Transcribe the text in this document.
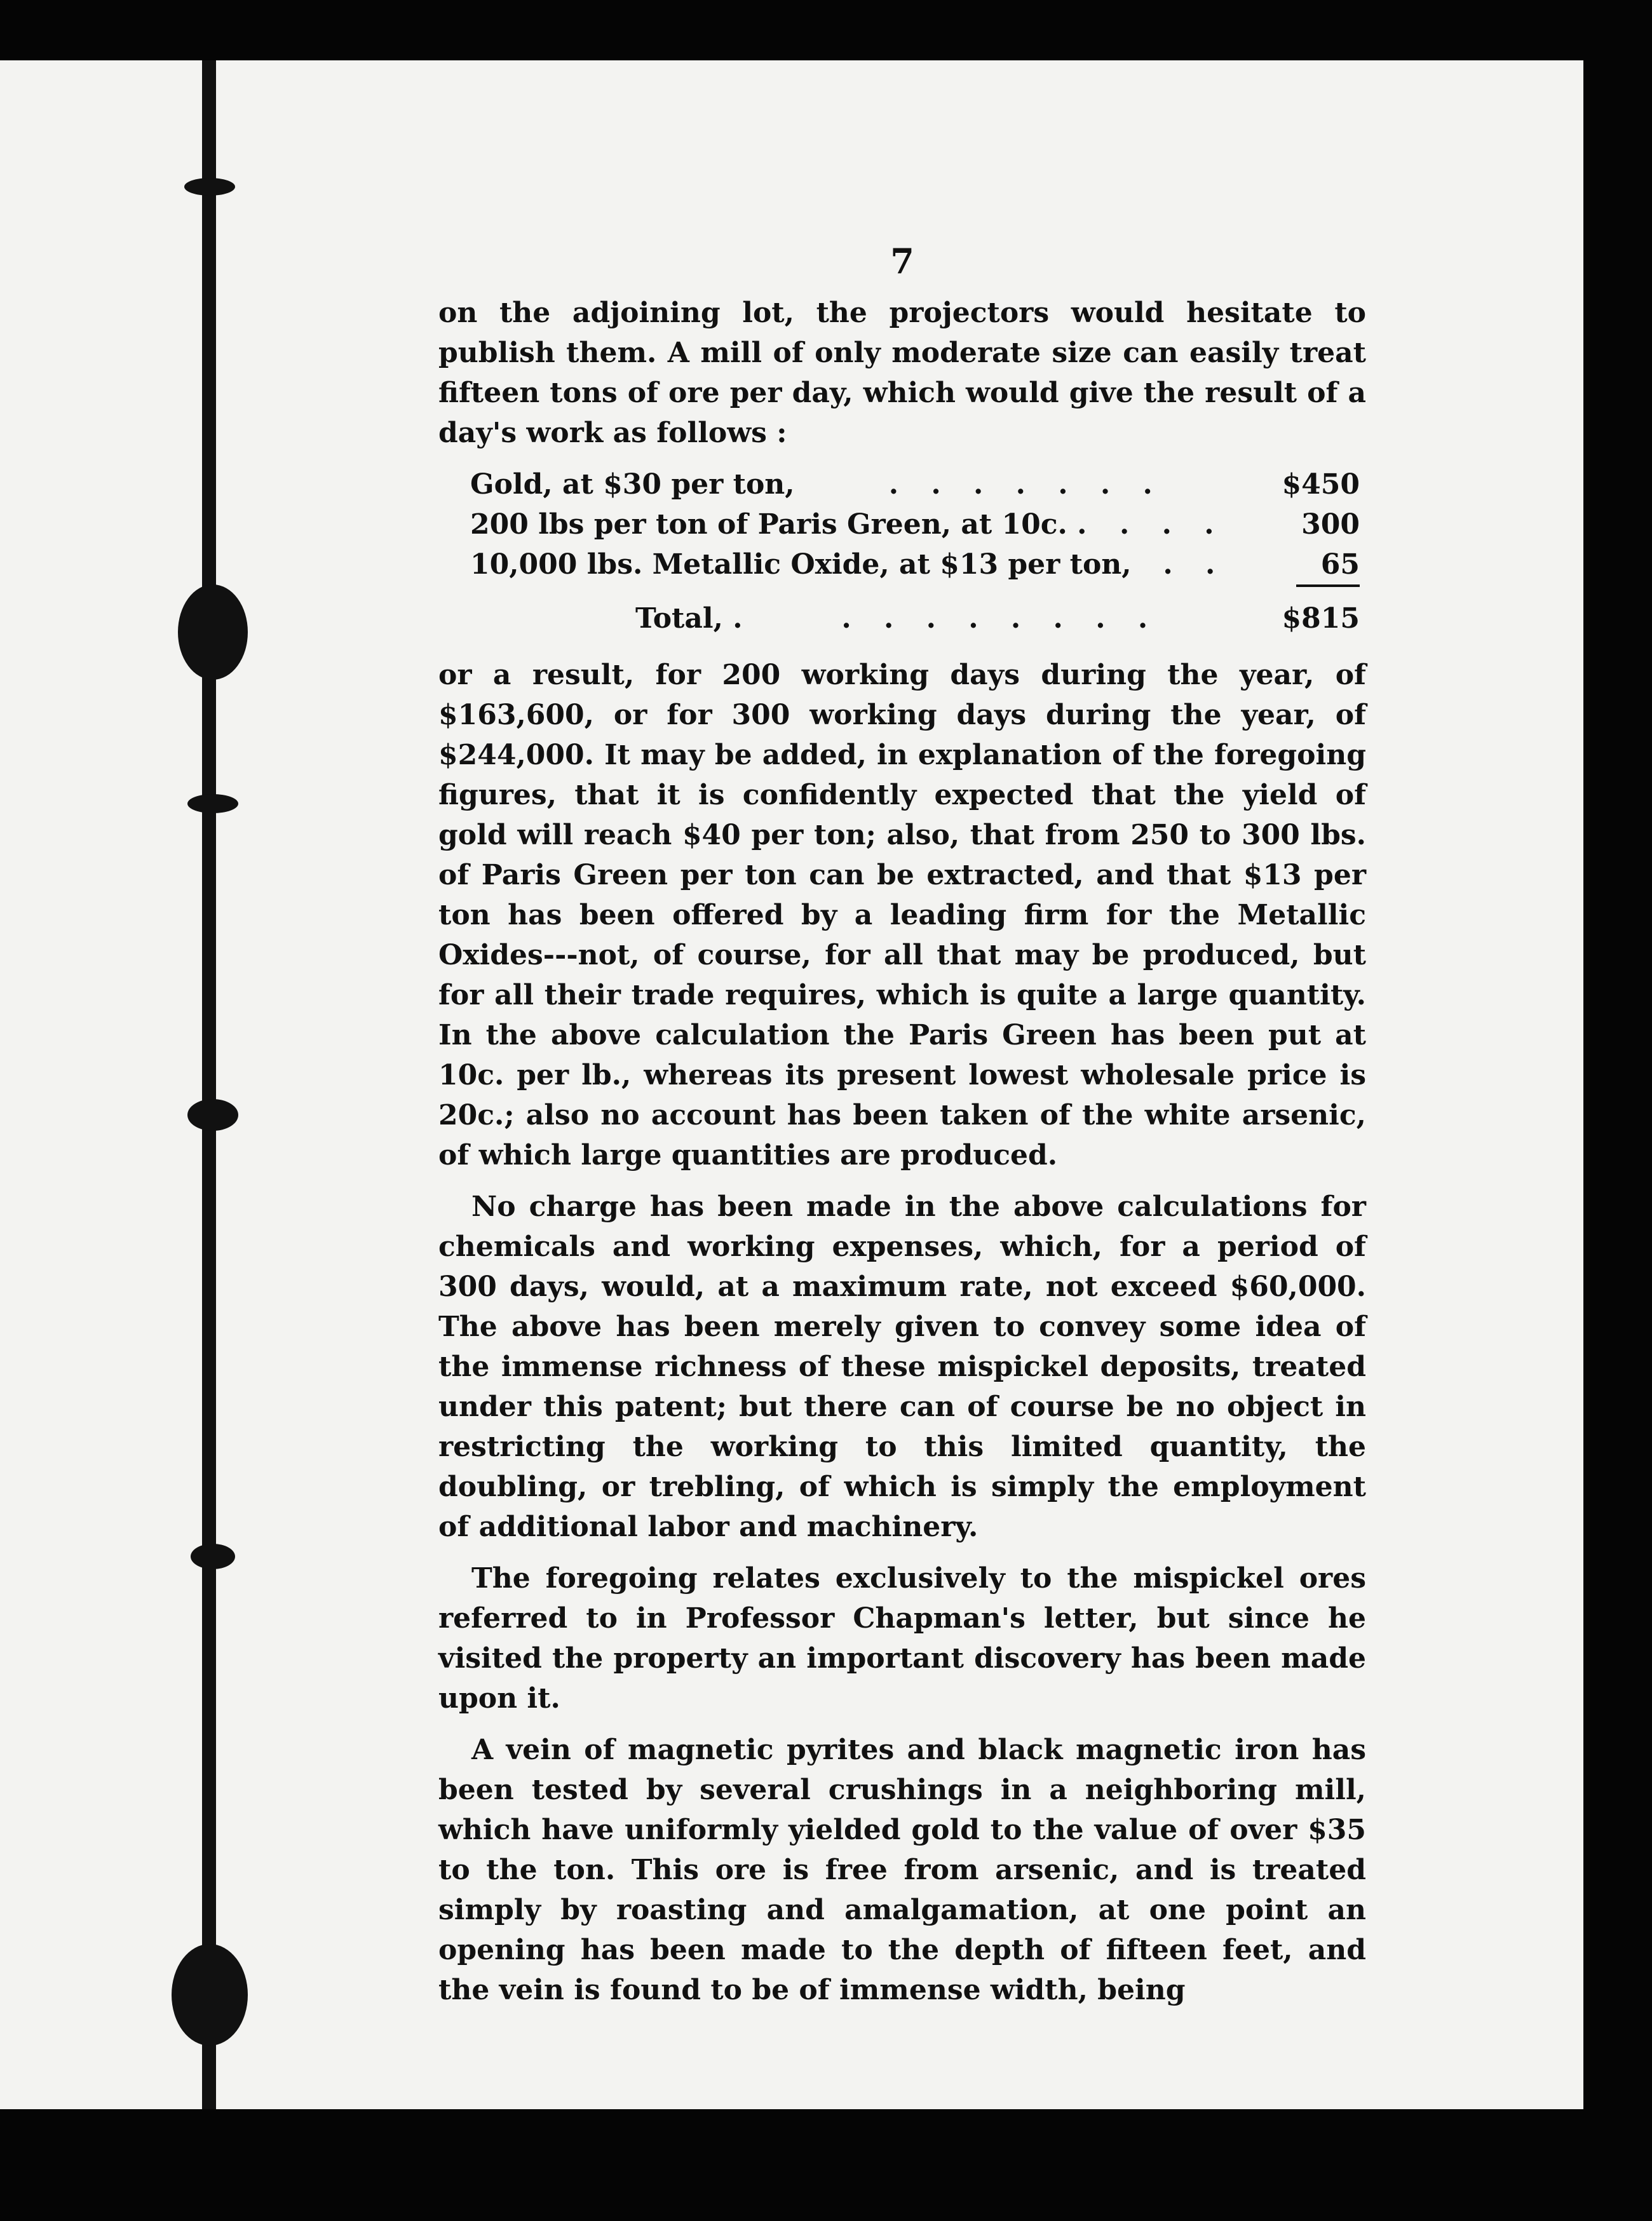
7

on the adjoining lot, the projectors would hesitate to publish them. A mill of only moderate size can easily treat fifteen tons of ore per day, which would give the result of a day's work as follows :

Gold, at $30 per ton,	. . . . . . .	$450
200 lbs per ton of Paris Green, at 10c. .	. . .	300
10,000 lbs. Metallic Oxide, at $13 per ton,	. .	65
Total, .	. . . . . . . .	$815

or a result, for 200 working days during the year, of $163,600, or for 300 working days during the year, of $244,000. It may be added, in explanation of the foregoing figures, that it is confidently expected that the yield of gold will reach $40 per ton; also, that from 250 to 300 lbs. of Paris Green per ton can be extracted, and that $13 per ton has been offered by a leading firm for the Metallic Oxides---not, of course, for all that may be produced, but for all their trade requires, which is quite a large quantity. In the above calculation the Paris Green has been put at 10c. per lb., whereas its present lowest wholesale price is 20c.; also no account has been taken of the white arsenic, of which large quantities are produced.

No charge has been made in the above calculations for chemicals and working expenses, which, for a period of 300 days, would, at a maximum rate, not exceed $60,000. The above has been merely given to convey some idea of the immense richness of these mispickel deposits, treated under this patent; but there can of course be no object in restricting the working to this limited quantity, the doubling, or trebling, of which is simply the employment of additional labor and machinery.

The foregoing relates exclusively to the mispickel ores referred to in Professor Chapman's letter, but since he visited the property an important discovery has been made upon it.

A vein of magnetic pyrites and black magnetic iron has been tested by several crushings in a neighboring mill, which have uniformly yielded gold to the value of over $35 to the ton. This ore is free from arsenic, and is treated simply by roasting and amalgamation, at one point an opening has been made to the depth of fifteen feet, and the vein is found to be of immense width, being
